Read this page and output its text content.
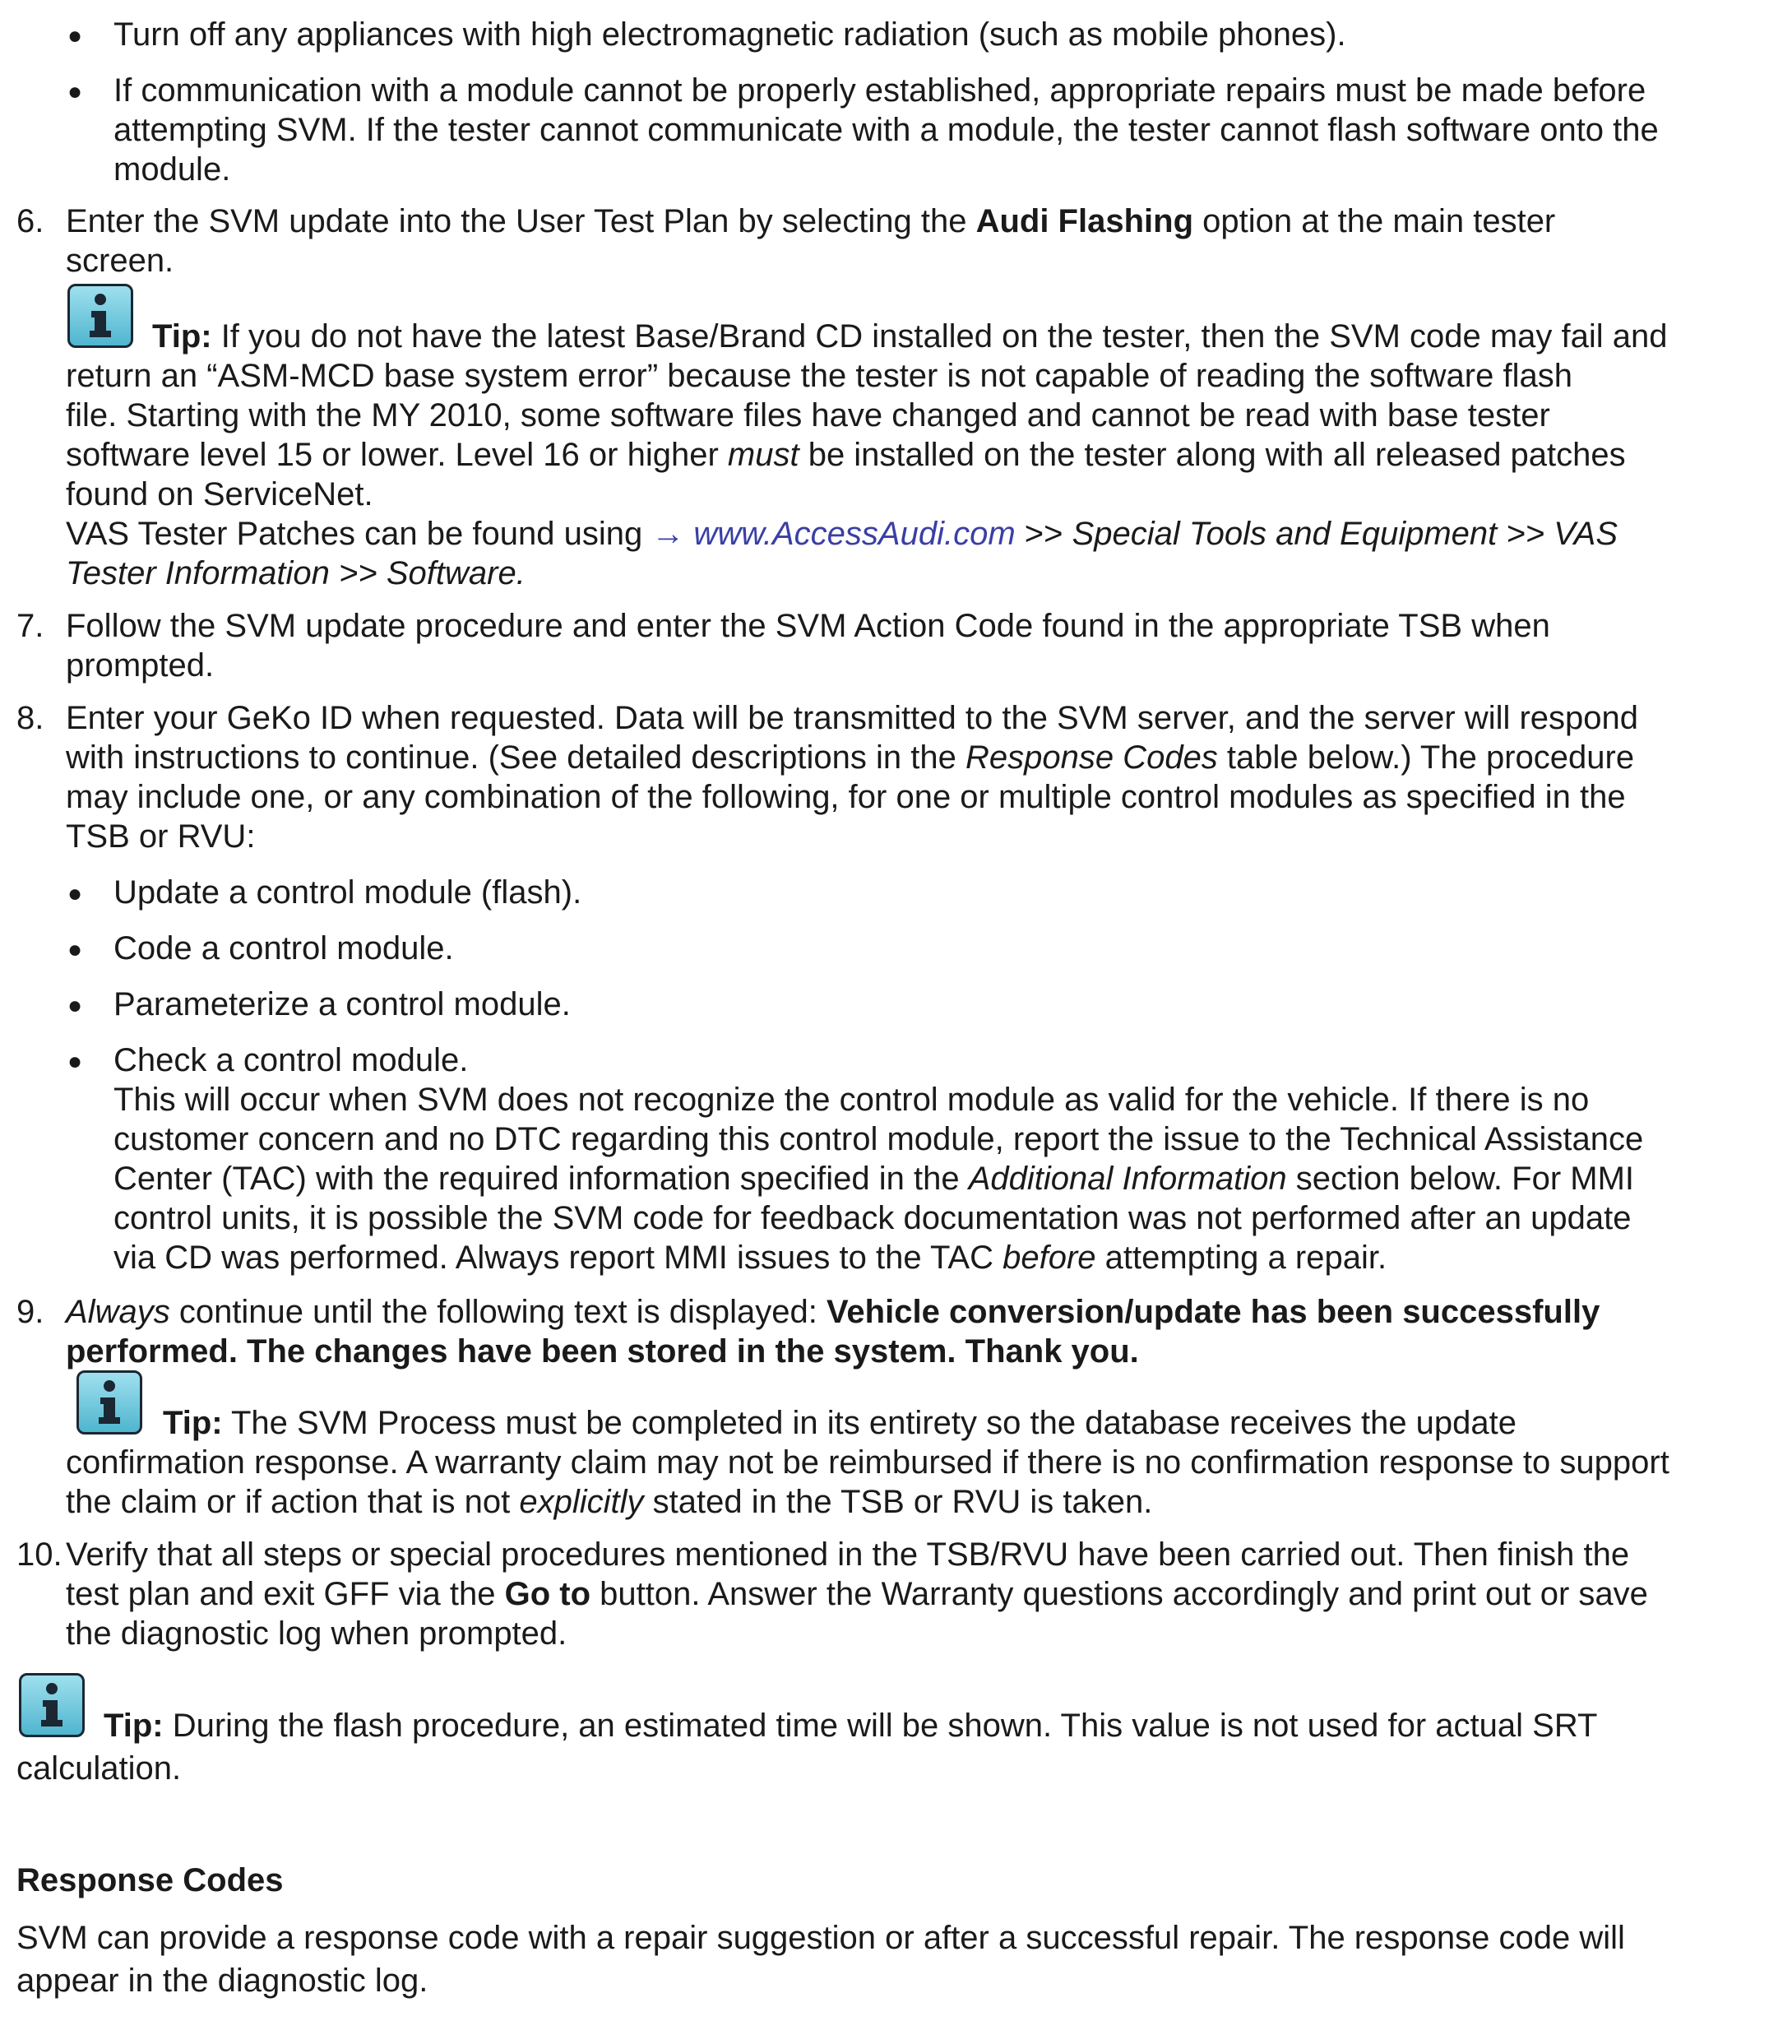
● Turn off any appliances with high electromagnetic radiation (such as mobile phones).
● If communication with a module cannot be properly established, appropriate repairs must be made before
attempting SVM. If the tester cannot communicate with a module, the tester cannot flash software onto the
module.
6. Enter the SVM update into the User Test Plan by selecting the Audi Flashing option at the main tester
screen.
Tip: If you do not have the latest Base/Brand CD installed on the tester, then the SVM code may fail and
return an “ASM-MCD base system error” because the tester is not capable of reading the software flash
file. Starting with the MY 2010, some software files have changed and cannot be read with base tester
software level 15 or lower. Level 16 or higher must be installed on the tester along with all released patches
found on ServiceNet.
VAS Tester Patches can be found using → www.AccessAudi.com >> Special Tools and Equipment >> VAS
Tester Information >> Software.
7. Follow the SVM update procedure and enter the SVM Action Code found in the appropriate TSB when
prompted.
8. Enter your GeKo ID when requested. Data will be transmitted to the SVM server, and the server will respond
with instructions to continue. (See detailed descriptions in the Response Codes table below.) The procedure
may include one, or any combination of the following, for one or multiple control modules as specified in the
TSB or RVU:
● Update a control module (flash).
● Code a control module.
● Parameterize a control module.
● Check a control module.
This will occur when SVM does not recognize the control module as valid for the vehicle. If there is no
customer concern and no DTC regarding this control module, report the issue to the Technical Assistance
Center (TAC) with the required information specified in the Additional Information section below. For MMI
control units, it is possible the SVM code for feedback documentation was not performed after an update
via CD was performed. Always report MMI issues to the TAC before attempting a repair.
9. Always continue until the following text is displayed: Vehicle conversion/update has been successfully
performed. The changes have been stored in the system. Thank you.
Tip: The SVM Process must be completed in its entirety so the database receives the update
confirmation response. A warranty claim may not be reimbursed if there is no confirmation response to support
the claim or if action that is not explicitly stated in the TSB or RVU is taken.
10. Verify that all steps or special procedures mentioned in the TSB/RVU have been carried out. Then finish the
test plan and exit GFF via the Go to button. Answer the Warranty questions accordingly and print out or save
the diagnostic log when prompted.
Tip: During the flash procedure, an estimated time will be shown. This value is not used for actual SRT
calculation.
Response Codes
SVM can provide a response code with a repair suggestion or after a successful repair. The response code will
appear in the diagnostic log.
